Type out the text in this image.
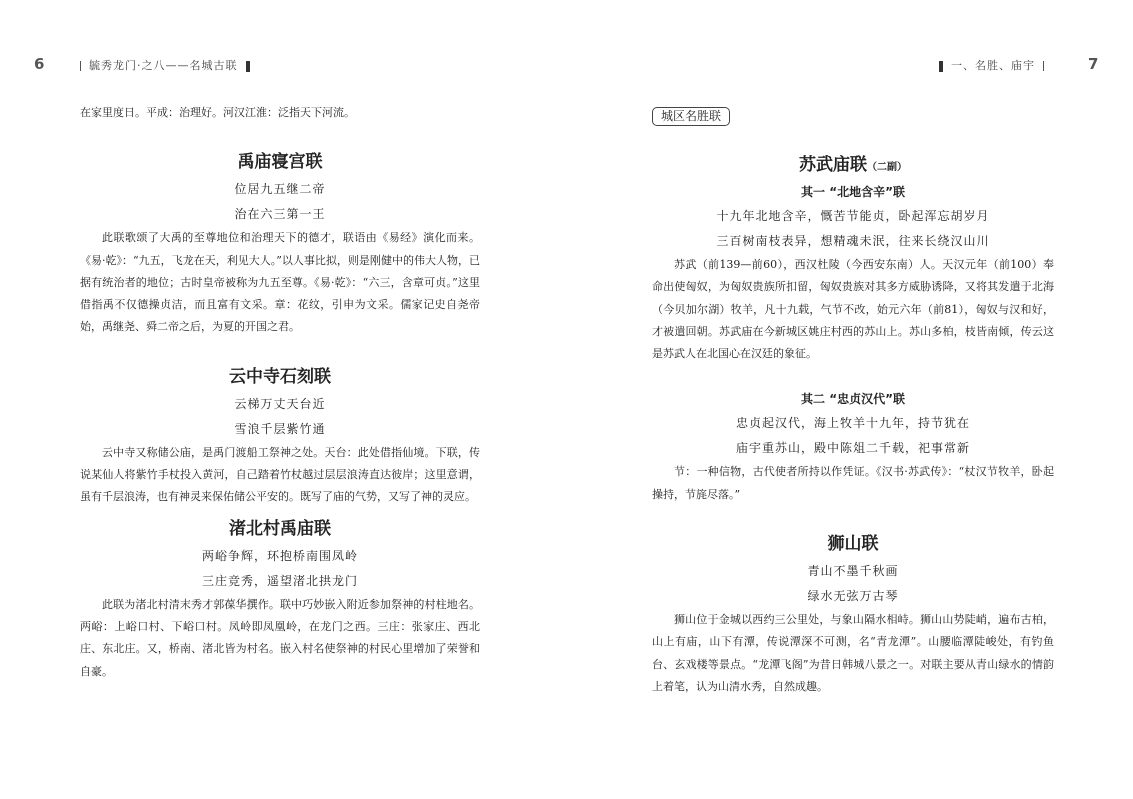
6	毓秀龙门·之八——名城古联

在家里度日。平成：治理好。河汉江淮：泛指天下河流。

禹庙寝宫联

位居九五继二帝

治在六三第一王

此联歌颂了大禹的至尊地位和治理天下的德才，联语由《易经》演化而来。《易·乾》：“九五，飞龙在天，利见大人。”以人事比拟，则是刚健中的伟大人物，已据有统治者的地位；古时皇帝被称为九五至尊。《易·乾》：“六三，含章可贞。”这里借指禹不仅德操贞洁，而且富有文采。章：花纹，引申为文采。儒家记史自尧帝始，禹继尧、舜二帝之后，为夏的开国之君。

云中寺石刻联

云梯万丈天台近

雪浪千层紫竹通

云中寺又称储公庙，是禹门渡船工祭神之处。天台：此处借指仙境。下联，传说某仙人将紫竹手杖投入黄河，自己踏着竹杖越过层层浪涛直达彼岸；这里意谓，虽有千层浪涛，也有神灵来保佑储公平安的。既写了庙的气势，又写了神的灵应。

渚北村禹庙联

两峪争辉，环抱桥南围凤岭

三庄竞秀，遥望渚北拱龙门

此联为渚北村清末秀才郭葆华撰作。联中巧妙嵌入附近参加祭神的村柱地名。两峪：上峪口村、下峪口村。凤岭即凤凰岭，在龙门之西。三庄：张家庄、西北庄、东北庄。又，桥南、渚北皆为村名。嵌入村名使祭神的村民心里增加了荣誉和自豪。

一、名胜、庙宇	7
城区名胜联
苏武庙联（二副）

其一 “北地含辛”联

十九年北地含辛，慨苦节能贞，卧起浑忘胡岁月

三百树南枝表异，想精魂未泯，往来长绕汉山川

苏武（前139—前60），西汉杜陵（今西安东南）人。天汉元年（前100）奉命出使匈奴，为匈奴贵族所扣留，匈奴贵族对其多方威胁诱降，又将其发遣于北海（今贝加尔湖）牧羊，凡十九载，气节不改，始元六年（前81），匈奴与汉和好，才被遣回朝。苏武庙在今新城区姚庄村西的苏山上。苏山多柏，枝皆南倾，传云这是苏武人在北国心在汉廷的象征。

其二 “忠贞汉代”联

忠贞起汉代，海上牧羊十九年，持节犹在

庙宇重苏山，殿中陈俎二千载，祀事常新

节：一种信物，古代使者所持以作凭证。《汉书·苏武传》：“杖汉节牧羊，卧起操持，节旄尽落。”

狮山联

青山不墨千秋画

绿水无弦万古琴

狮山位于金城以西约三公里处，与象山隔水相峙。狮山山势陡峭，遍布古柏，山上有庙，山下有潭，传说潭深不可测，名“青龙潭”。山腰临潭陡峻处，有钓鱼台、玄戏楼等景点。“龙潭飞阁”为昔日韩城八景之一。对联主要从青山绿水的情韵上着笔，认为山清水秀，自然成趣。
